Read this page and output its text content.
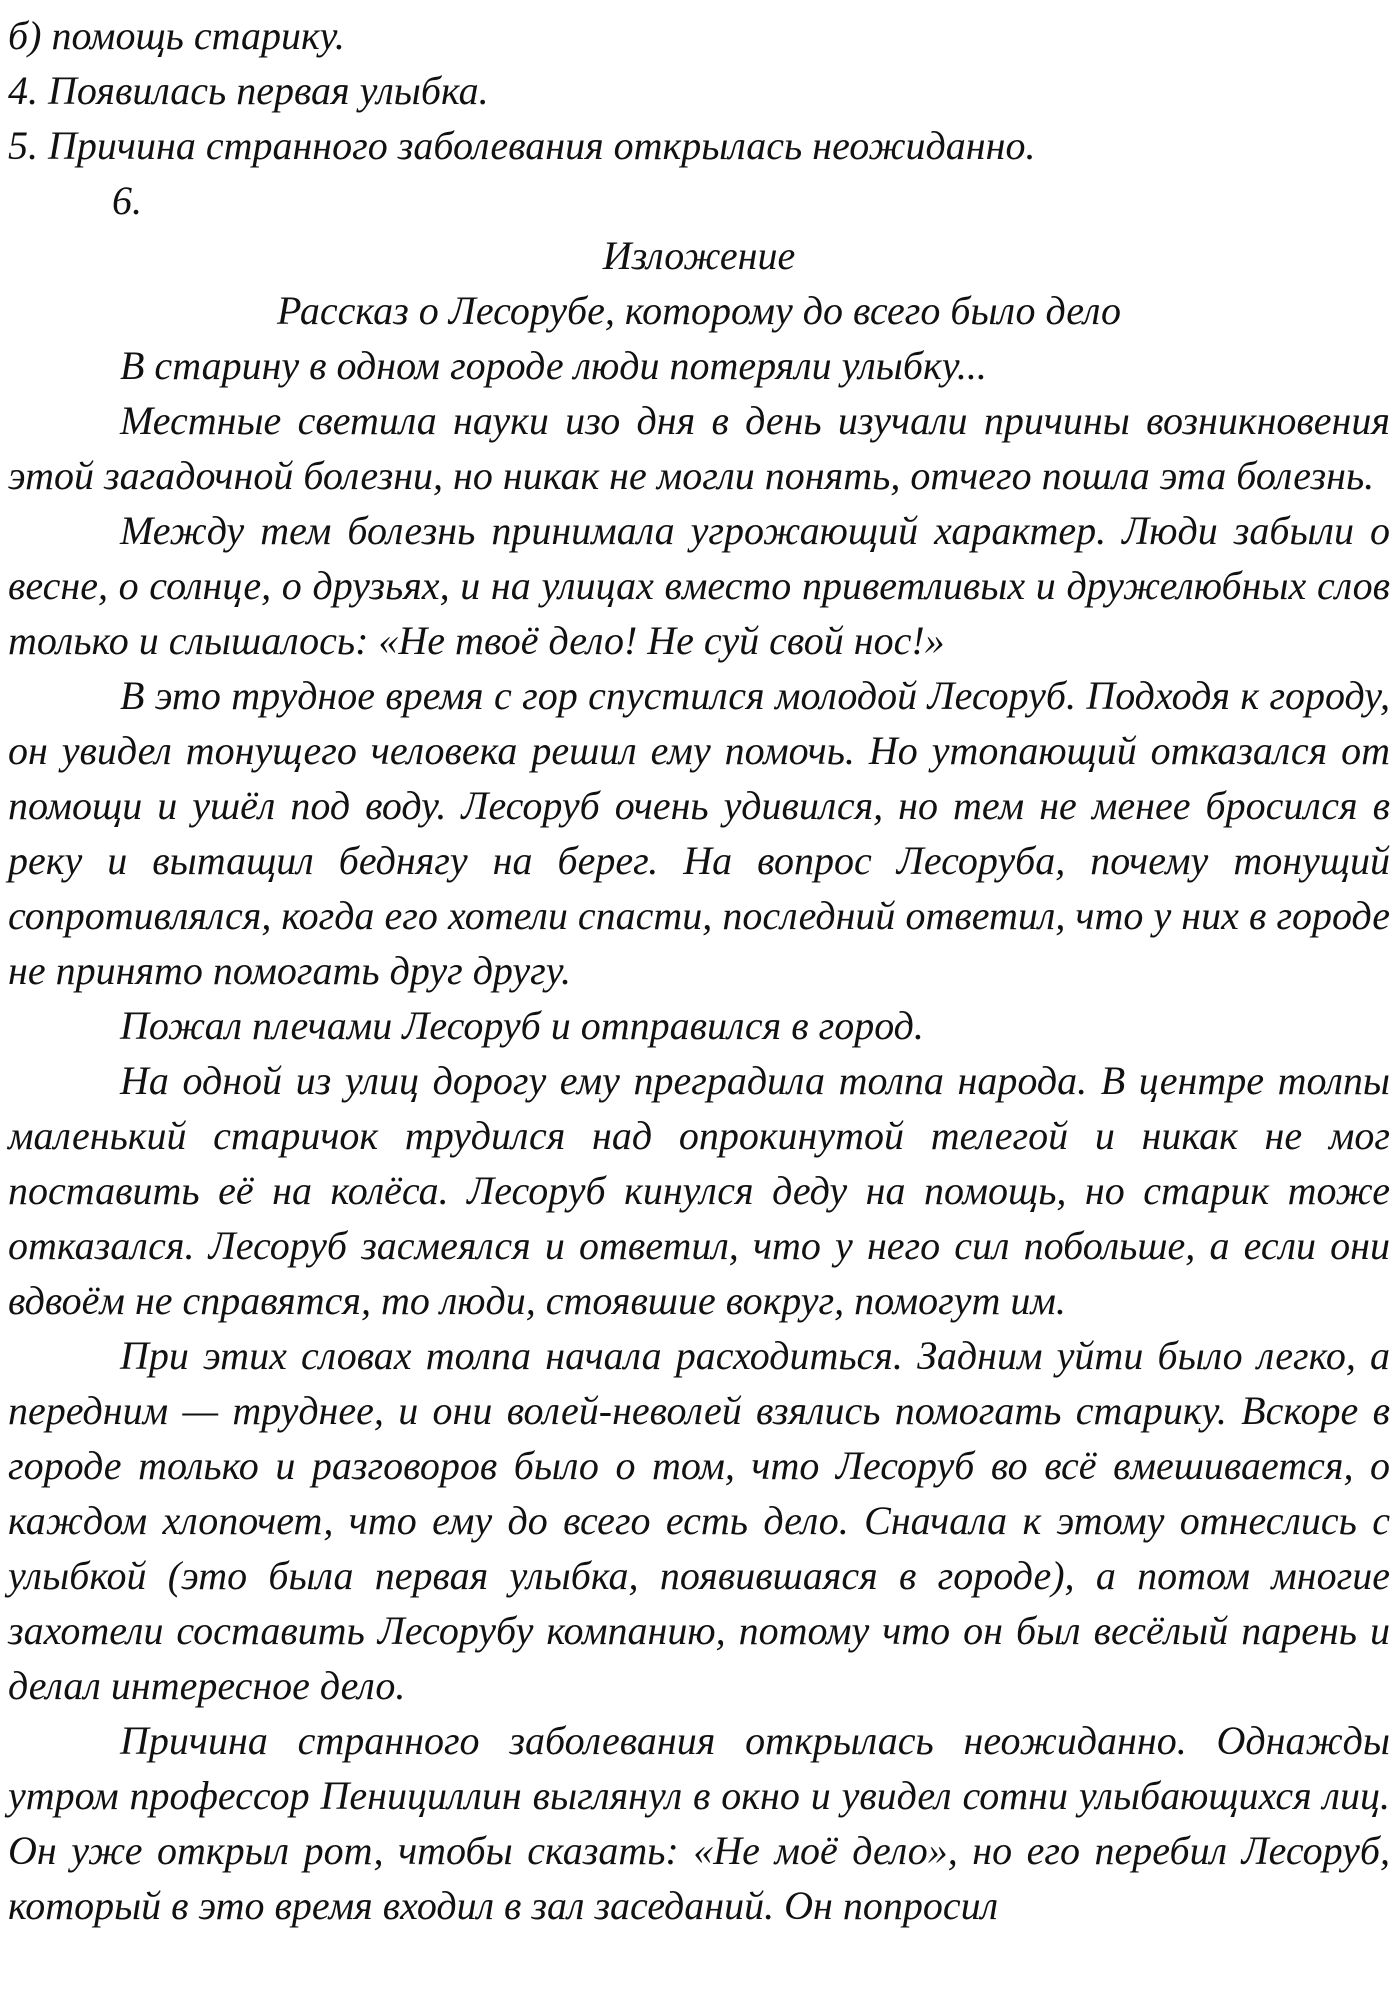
б) помощь старику.

4. Появилась первая улыбка.

5. Причина странного заболевания открылась неожиданно.

6.

Изложение

Рассказ о Лесорубе, которому до всего было дело

В старину в одном городе люди потеряли улыбку...

Местные светила науки изо дня в день изучали причины возникновения этой загадочной болезни, но никак не могли понять, отчего пошла эта болезнь.

Между тем болезнь принимала угрожающий характер. Люди забыли о весне, о солнце, о друзьях, и на улицах вместо приветливых и дружелюбных слов только и слышалось: «Не твоё дело! Не суй свой нос!»

В это трудное время с гор спустился молодой Лесоруб. Подходя к городу, он увидел тонущего человека решил ему помочь. Но утопающий отказался от помощи и ушёл под воду. Лесоруб очень удивился, но тем не менее бросился в реку и вытащил беднягу на берег. На вопрос Лесоруба, почему тонущий сопротивлялся, когда его хотели спасти, последний ответил, что у них в городе не принято помогать друг другу.

Пожал плечами Лесоруб и отправился в город.

На одной из улиц дорогу ему преградила толпа народа. В центре толпы маленький старичок трудился над опрокинутой телегой и никак не мог поставить её на колёса. Лесоруб кинулся деду на помощь, но старик тоже отказался. Лесоруб засмеялся и ответил, что у него сил побольше, а если они вдвоём не справятся, то люди, стоявшие вокруг, помогут им.

При этих словах толпа начала расходиться. Задним уйти было легко, а передним — труднее, и они волей-неволей взялись помогать старику. Вскоре в городе только и разговоров было о том, что Лесоруб во всё вмешивается, о каждом хлопочет, что ему до всего есть дело. Сначала к этому отнеслись с улыбкой (это была первая улыбка, появившаяся в городе), а потом многие захотели составить Лесорубу компанию, потому что он был весёлый парень и делал интересное дело.

Причина странного заболевания открылась неожиданно. Однажды утром профессор Пенициллин выглянул в окно и увидел сотни улыбающихся лиц. Он уже открыл рот, чтобы сказать: «Не моё дело», но его перебил Лесоруб, который в это время входил в зал заседаний. Он попросил
